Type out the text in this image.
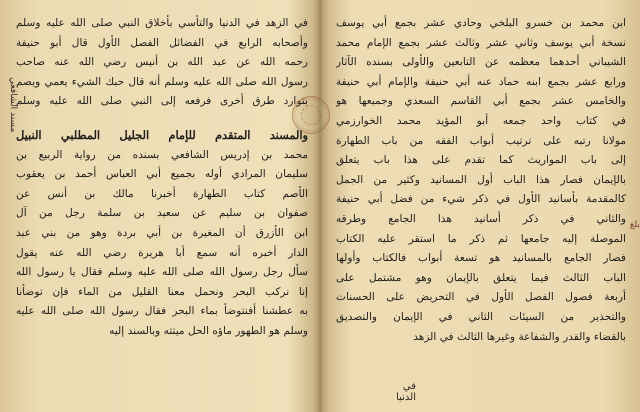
في الزهد في الدنيا والتأسي بأخلاق النبي صلى الله عليه وسلم
وأصحابه الرابع في الفضائل الفصل الأول قال أبو حنيفة
رحمه الله عن عبد الله بن أنيس رضي الله عنه صاحب
رسول الله صلى الله عليه وسلم أنه قال حبك الشيء يعمي ويصم
بتوارد طرق أخرى فرفعه إلى النبي صلى الله عليه وسلم
والمسند المتقدم للإمام الجليل المطلبي النبيل
محمد بن إدريس الشافعي بسنده من رواية الربيع بن
سليمان المرادي أوله بجميع أبي العباس أحمد بن يعقوب
الأصم كتاب الطهارة أخبرنا مالك بن أنس عن
صفوان بن سليم عن سعيد بن سلمة رجل من آل
ابن الأزرق أن المغيرة بن أبي بردة وهو من بني عبد
الدار أخبره أنه سمع أبا هريرة رضي الله عنه يقول
سأل رجل رسول الله صلى الله عليه وسلم فقال يا رسول الله
إنا نركب البحر ونحمل معنا القليل من الماء فإن توضأنا
به عطشنا أفنتوضأ بماء البحر فقال رسول الله صلى الله عليه
وسلم هو الطهور ماؤه الحل ميتته وبالسند إليه
ابن محمد بن خسرو البلخي وحادي عشر بجمع أبي يوسف
نسخة أبي يوسف وثاني عشر وثالث عشر بجمع الإمام محمد
الشيباني أحدهما معظمه عن التابعين والأولى بسنده الآثار
ورابع عشر بجمع ابنه حماد عنه أبي حنيفة والإمام أبي حنيفة
والخامس عشر بجمع أبي القاسم السعدي وجميعها هو
في كتاب واحد جمعه أبو المؤيد محمد الخوارزمي
مولانا رتبه على ترتيب أبواب الفقه من باب الطهارة
إلى باب المواريث كما تقدم على هذا باب يتعلق
بالإيمان فصار هذا الباب أول المسانيد وكثير من الجمل
كالمقدمة بأسانيد الأول في ذكر شيء من فضل أبي حنيفة
والثاني في ذكر أسانيد هذا الجامع وطرقه
الموصلة إليه جامعها ثم ذكر ما استقر عليه الكتاب
فصار الجامع بالمسانيد هو تسعة أبواب فالكتاب وأولها
الباب الثالث فيما يتعلق بالإيمان وهو مشتمل على
أربعة فصول الفصل الأول في التحريض على الحسنات
والتحذير من السيئات الثاني في الإيمان والتصديق
بالقضاء والقدر والشفاعة وغيرها الثالث في الزهد
مسند الشافعي
بلغ
في الدنيا
